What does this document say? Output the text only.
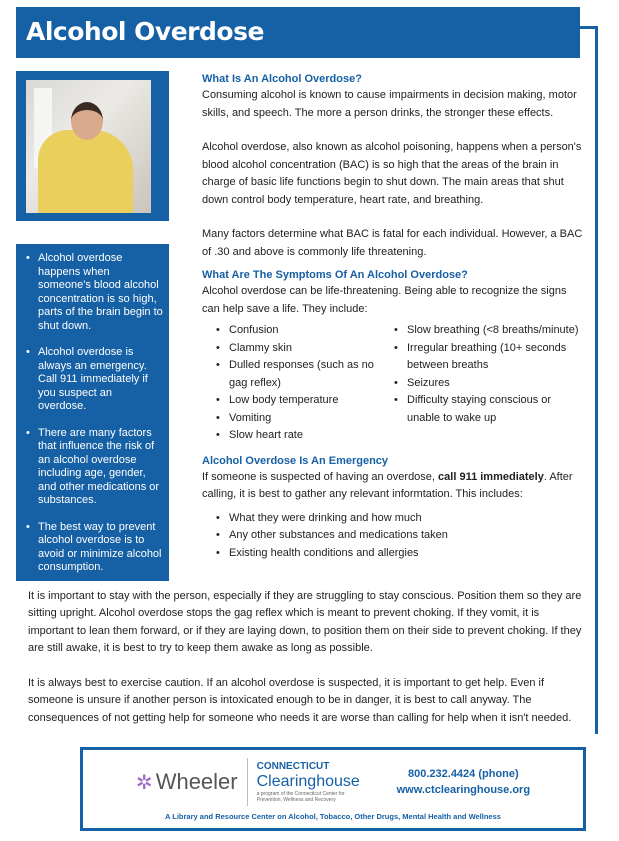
Alcohol Overdose
• Alcohol overdose happens when someone's blood alcohol concentration is so high, parts of the brain begin to shut down.
• Alcohol overdose is always an emergency. Call 911 immediately if you suspect an overdose.
• There are many factors that influence the risk of an alcohol overdose including age, gender, and other medications or substances.
• The best way to prevent alcohol overdose is to avoid or minimize alcohol consumption.
What Is An Alcohol Overdose?

Consuming alcohol is known to cause impairments in decision making, motor skills, and speech. The more a person drinks, the stronger these effects.

Alcohol overdose, also known as alcohol poisoning, happens when a person's blood alcohol concentration (BAC) is so high that the areas of the brain in charge of basic life functions begin to shut down. The main areas that shut down control body temperature, heart rate, and breathing.

Many factors determine what BAC is fatal for each individual. However, a BAC of .30 and above is commonly life threatening.

What Are The Symptoms Of An Alcohol Overdose?
Alcohol overdose can be life-threatening. Being able to recognize the signs can help save a life. They include:
• Confusion
• Clammy skin
• Dulled responses (such as no gag reflex)
• Low body temperature
• Vomiting
• Slow heart rate
• Slow breathing (<8 breaths/minute)
• Irregular breathing (10+ seconds between breaths
• Seizures
• Difficulty staying conscious or unable to wake up
Alcohol Overdose Is An Emergency
If someone is suspected of having an overdose, call 911 immediately. After calling, it is best to gather any relevant informtation. This includes:
• What they were drinking and how much
• Any other substances and medications taken
• Existing health conditions and allergies

It is important to stay with the person, especially if they are struggling to stay conscious. Position them so they are sitting upright. Alcohol overdose stops the gag reflex which is meant to prevent choking. If they vomit, it is important to lean them forward, or if they are laying down, to position them on their side to prevent choking. If they are still awake, it is best to try to keep them awake as long as possible.

It is always best to exercise caution. If an alcohol overdose is suspected, it is important to get help. Even if someone is unsure if another person is intoxicated enough to be in danger, it is best to call anyway. The consequences of not getting help for someone who needs it are worse than calling for help when it isn't needed.

✲ Wheeler
CONNECTICUT
Clearinghouse
a program of the Connecticut Center for Prevention, Wellness and Recovery
800.232.4424 (phone)
www.ctclearinghouse.org
A Library and Resource Center on Alcohol, Tobacco, Other Drugs, Mental Health and Wellness
